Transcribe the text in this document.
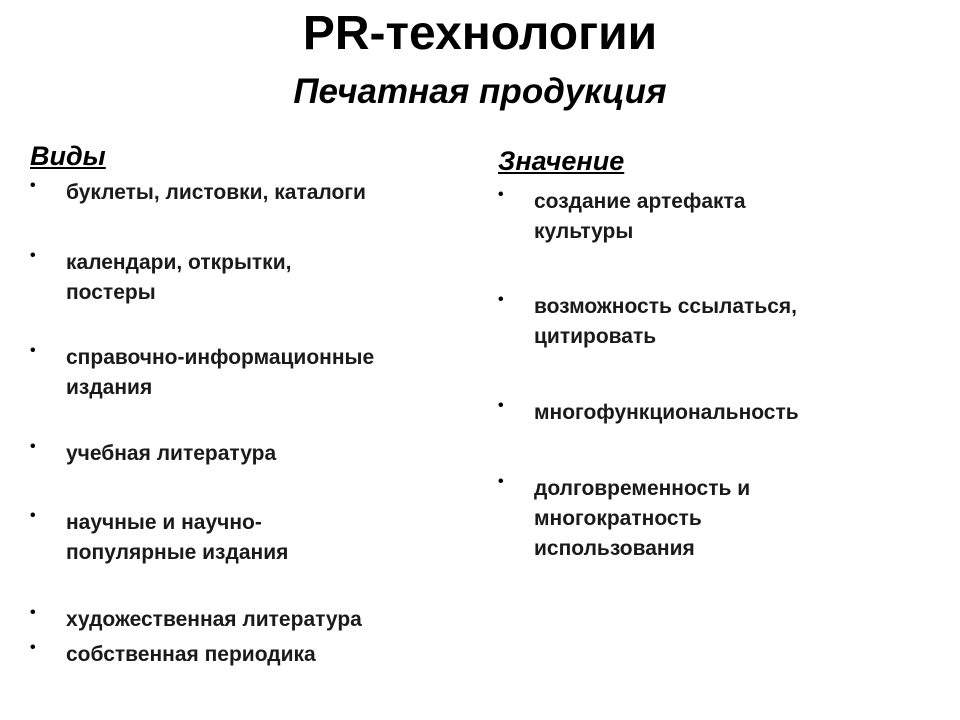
PR-технологии
Печатная продукция
Виды
• буклеты, листовки, каталоги
• календари, открытки,
постеры
• справочно-информационные
издания
• учебная литература
• научные и научно-
популярные издания
• художественная литература
• собственная периодика
Значение
• создание артефакта
культуры
• возможность ссылаться,
цитировать
• многофункциональность
• долговременность и
многократность
использования
